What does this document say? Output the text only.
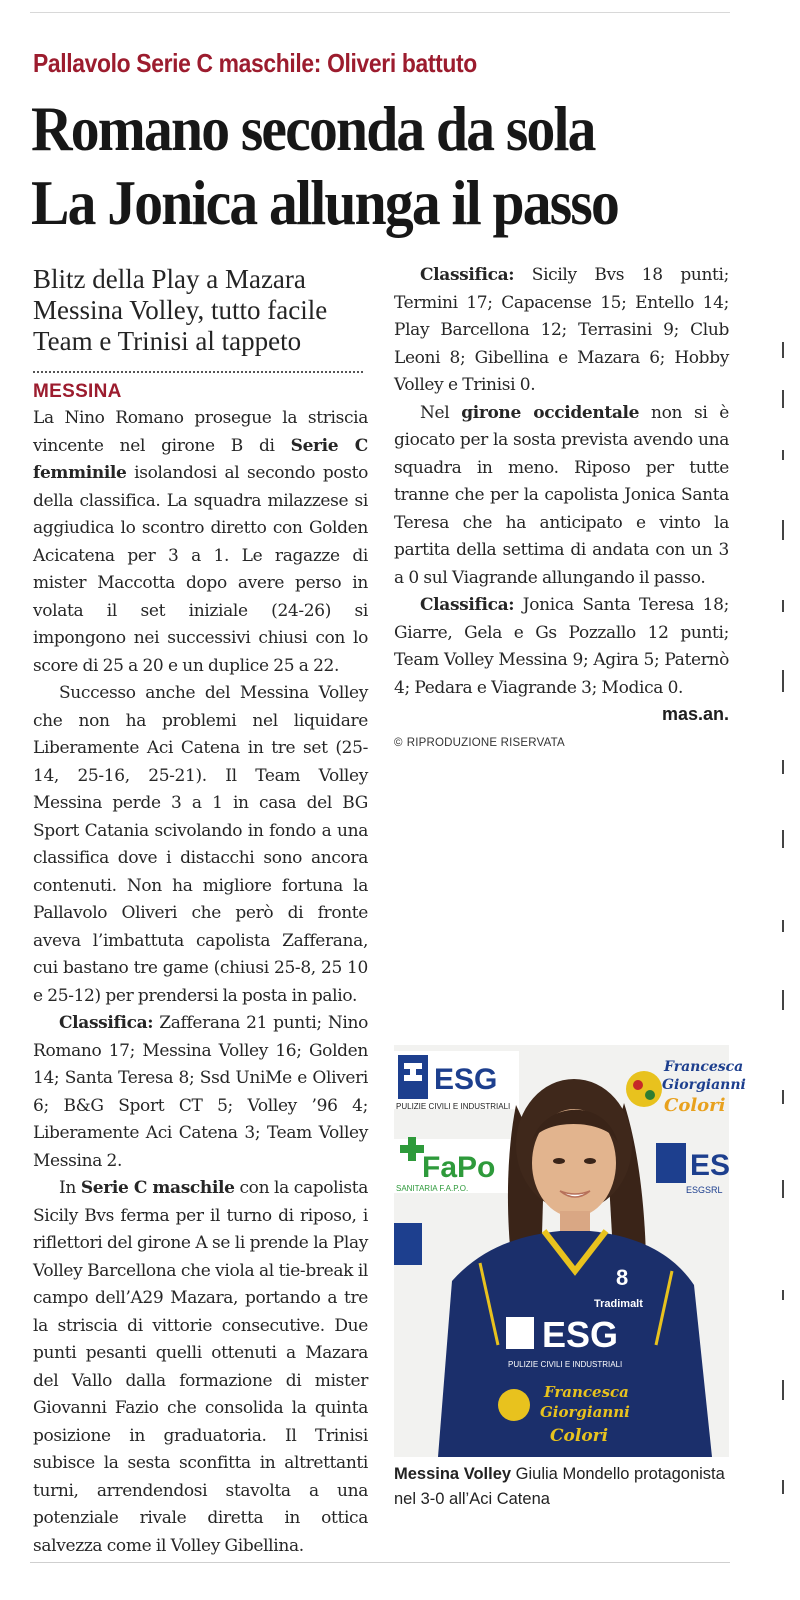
Pallavolo Serie C maschile: Oliveri battuto
Romano seconda da sola
La Jonica allunga il passo
Blitz della Play a Mazara
Messina Volley, tutto facile
Team e Trinisi al tappeto
MESSINA

La Nino Romano prosegue la striscia vincente nel girone B di Serie C femminile isolandosi al secondo posto della classifica. La squadra milazzese si aggiudica lo scontro diretto con Golden Acicatena per 3 a 1. Le ragazze di mister Maccotta dopo avere perso in volata il set iniziale (24-26) si impongono nei successivi chiusi con lo score di 25 a 20 e un duplice 25 a 22.

Successo anche del Messina Volley che non ha problemi nel liquidare Liberamente Aci Catena in tre set (25-14, 25-16, 25-21). Il Team Volley Messina perde 3 a 1 in casa del BG Sport Catania scivolando in fondo a una classifica dove i distacchi sono ancora contenuti. Non ha migliore fortuna la Pallavolo Oliveri che però di fronte aveva l’imbattuta capolista Zafferana, cui bastano tre game (chiusi 25-8, 25 10 e 25-12) per prendersi la posta in palio.

Classifica: Zafferana 21 punti; Nino Romano 17; Messina Volley 16; Golden 14; Santa Teresa 8; Ssd UniMe e Oliveri 6; B&G Sport CT 5; Volley ’96 4; Liberamente Aci Catena 3; Team Volley Messina 2.

In Serie C maschile con la capolista Sicily Bvs ferma per il turno di riposo, i riflettori del girone A se li prende la Play Volley Barcellona che viola al tie-break il campo dell’A29 Mazara, portando a tre la striscia di vittorie consecutive. Due punti pesanti quelli ottenuti a Mazara del Vallo dalla formazione di mister Giovanni Fazio che consolida la quinta posizione in graduatoria. Il Trinisi subisce la sesta sconfitta in altrettanti turni, arrendendosi stavolta a una potenziale rivale diretta in ottica salvezza come il Volley Gibellina.

Classifica: Sicily Bvs 18 punti; Termini 17; Capacense 15; Entello 14; Play Barcellona 12; Terrasini 9; Club Leoni 8; Gibellina e Mazara 6; Hobby Volley e Trinisi 0.

Nel girone occidentale non si è giocato per la sosta prevista avendo una squadra in meno. Riposo per tutte tranne che per la capolista Jonica Santa Teresa che ha anticipato e vinto la partita della settima di andata con un 3 a 0 sul Viagrande allungando il passo.

Classifica: Jonica Santa Teresa 18; Giarre, Gela e Gs Pozzallo 12 punti; Team Volley Messina 9; Agira 5; Paternò 4; Pedara e Viagrande 3; Modica 0.

mas.an.
© RIPRODUZIONE RISERVATA
ESG
PULIZIE CIVILI E INDUSTRIALI
FaPo
SANITARIA F.A.P.O.
Francesca
Giorgianni
Colori
ES
ESGSRL
8
Tradimalt
ESG
PULIZIE CIVILI E INDUSTRIALI
Francesca
Giorgianni
Colori
Messina Volley Giulia Mondello protagonista nel 3-0 all’Aci Catena
